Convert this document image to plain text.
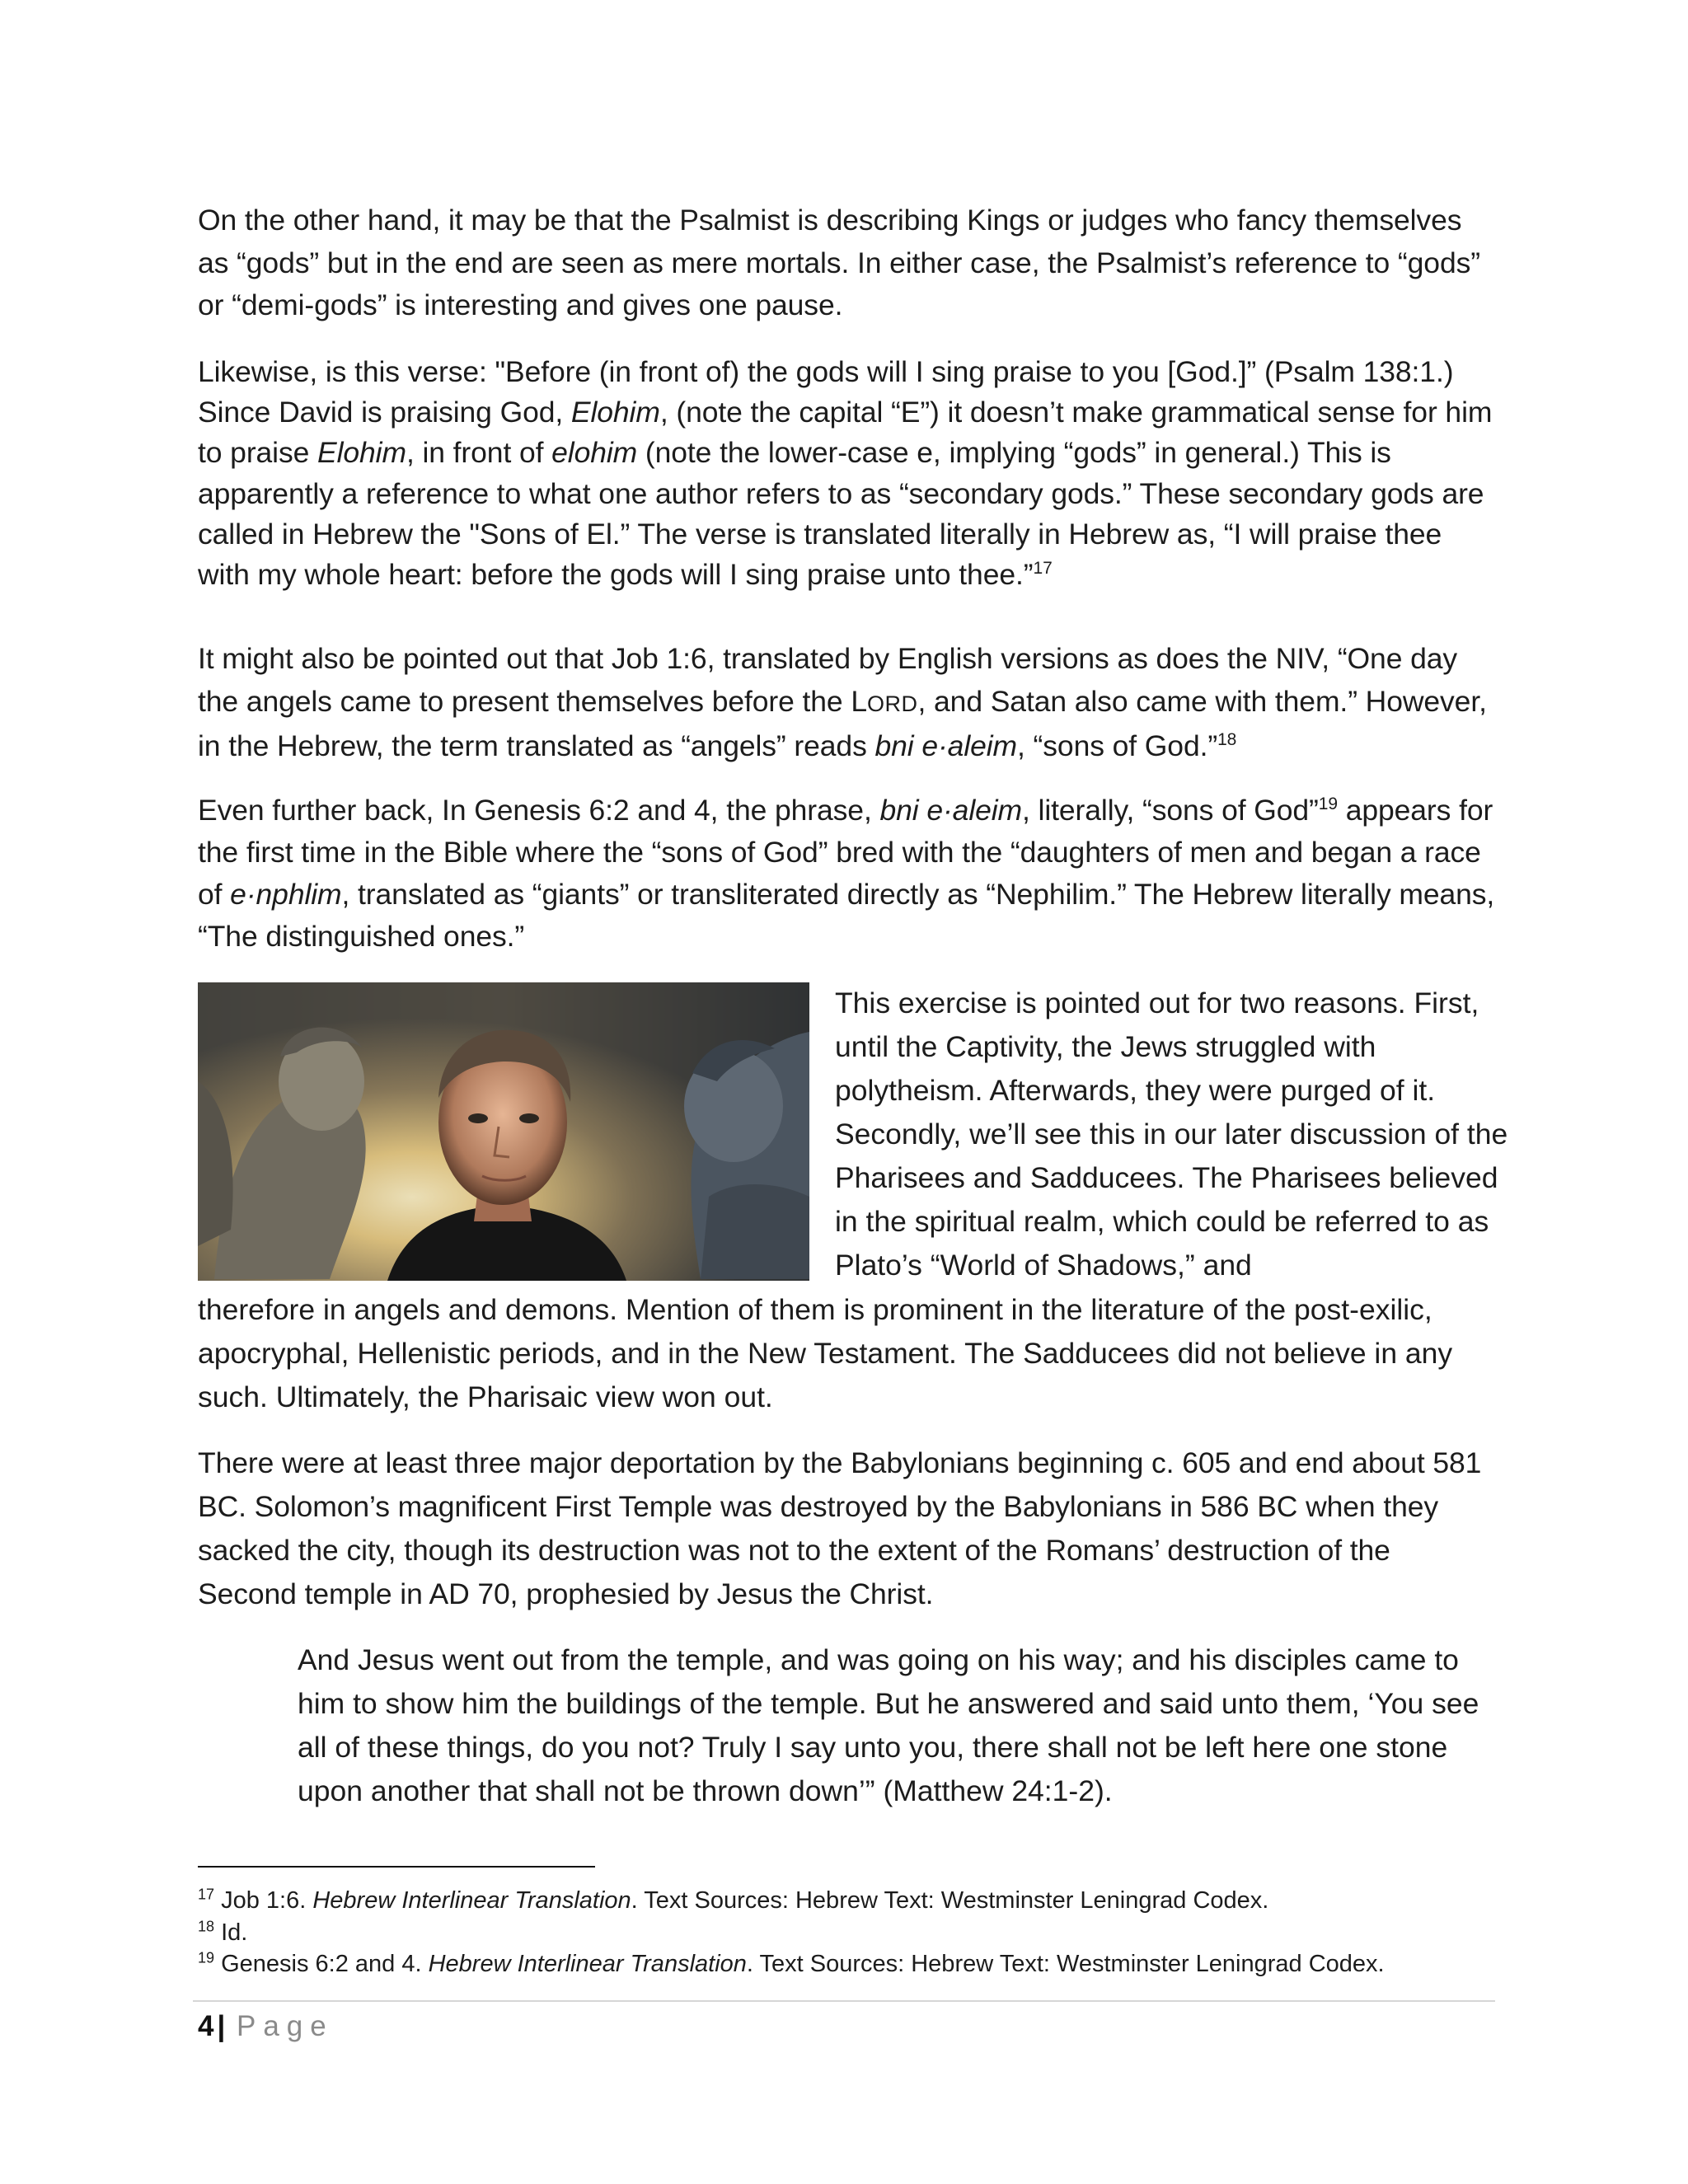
On the other hand, it may be that the Psalmist is describing Kings or judges who fancy themselves as “gods” but in the end are seen as mere mortals. In either case, the Psalmist’s reference to “gods” or “demi-gods” is interesting and gives one pause.

Likewise, is this verse: "Before (in front of) the gods will I sing praise to you [God.]” (Psalm 138:1.) Since David is praising God, Elohim, (note the capital “E”) it doesn’t make grammatical sense for him to praise Elohim, in front of elohim (note the lower-case e, implying “gods” in general.) This is apparently a reference to what one author refers to as “secondary gods.” These secondary gods are called in Hebrew the "Sons of El.” The verse is translated literally in Hebrew as, “I will praise thee with my whole heart: before the gods will I sing praise unto thee.”$^{17}$

It might also be pointed out that Job 1:6, translated by English versions as does the NIV, “One day the angels came to present themselves before the LORD, and Satan also came with them.” However, in the Hebrew, the term translated as “angels” reads bni e·aleim, “sons of God.”$^{18}$

Even further back, In Genesis 6:2 and 4, the phrase, bni e·aleim, literally, “sons of God”$^{19}$ appears for the first time in the Bible where the “sons of God” bred with the “daughters of men and began a race of e·nphlim, translated as “giants” or transliterated directly as “Nephilim.” The Hebrew literally means, “The distinguished ones.”

This exercise is pointed out for two reasons. First, until the Captivity, the Jews struggled with polytheism. Afterwards, they were purged of it. Secondly, we’ll see this in our later discussion of the Pharisees and Sadducees. The Pharisees believed in the spiritual realm, which could be referred to as Plato’s “World of Shadows,” and

therefore in angels and demons. Mention of them is prominent in the literature of the post-exilic, apocryphal, Hellenistic periods, and in the New Testament. The Sadducees did not believe in any such. Ultimately, the Pharisaic view won out.

There were at least three major deportation by the Babylonians beginning c. 605 and end about 581 BC. Solomon’s magnificent First Temple was destroyed by the Babylonians in 586 BC when they sacked the city, though its destruction was not to the extent of the Romans’ destruction of the Second temple in AD 70, prophesied by Jesus the Christ.

And Jesus went out from the temple, and was going on his way; and his disciples came to him to show him the buildings of the temple. But he answered and said unto them, ‘You see all of these things, do you not? Truly I say unto you, there shall not be left here one stone upon another that shall not be thrown down’” (Matthew 24:1-2).

$^{17}$ Job 1:6. Hebrew Interlinear Translation. Text Sources: Hebrew Text: Westminster Leningrad Codex.

$^{18}$ Id.

$^{19}$ Genesis 6:2 and 4. Hebrew Interlinear Translation. Text Sources: Hebrew Text: Westminster Leningrad Codex.

4 | Page
